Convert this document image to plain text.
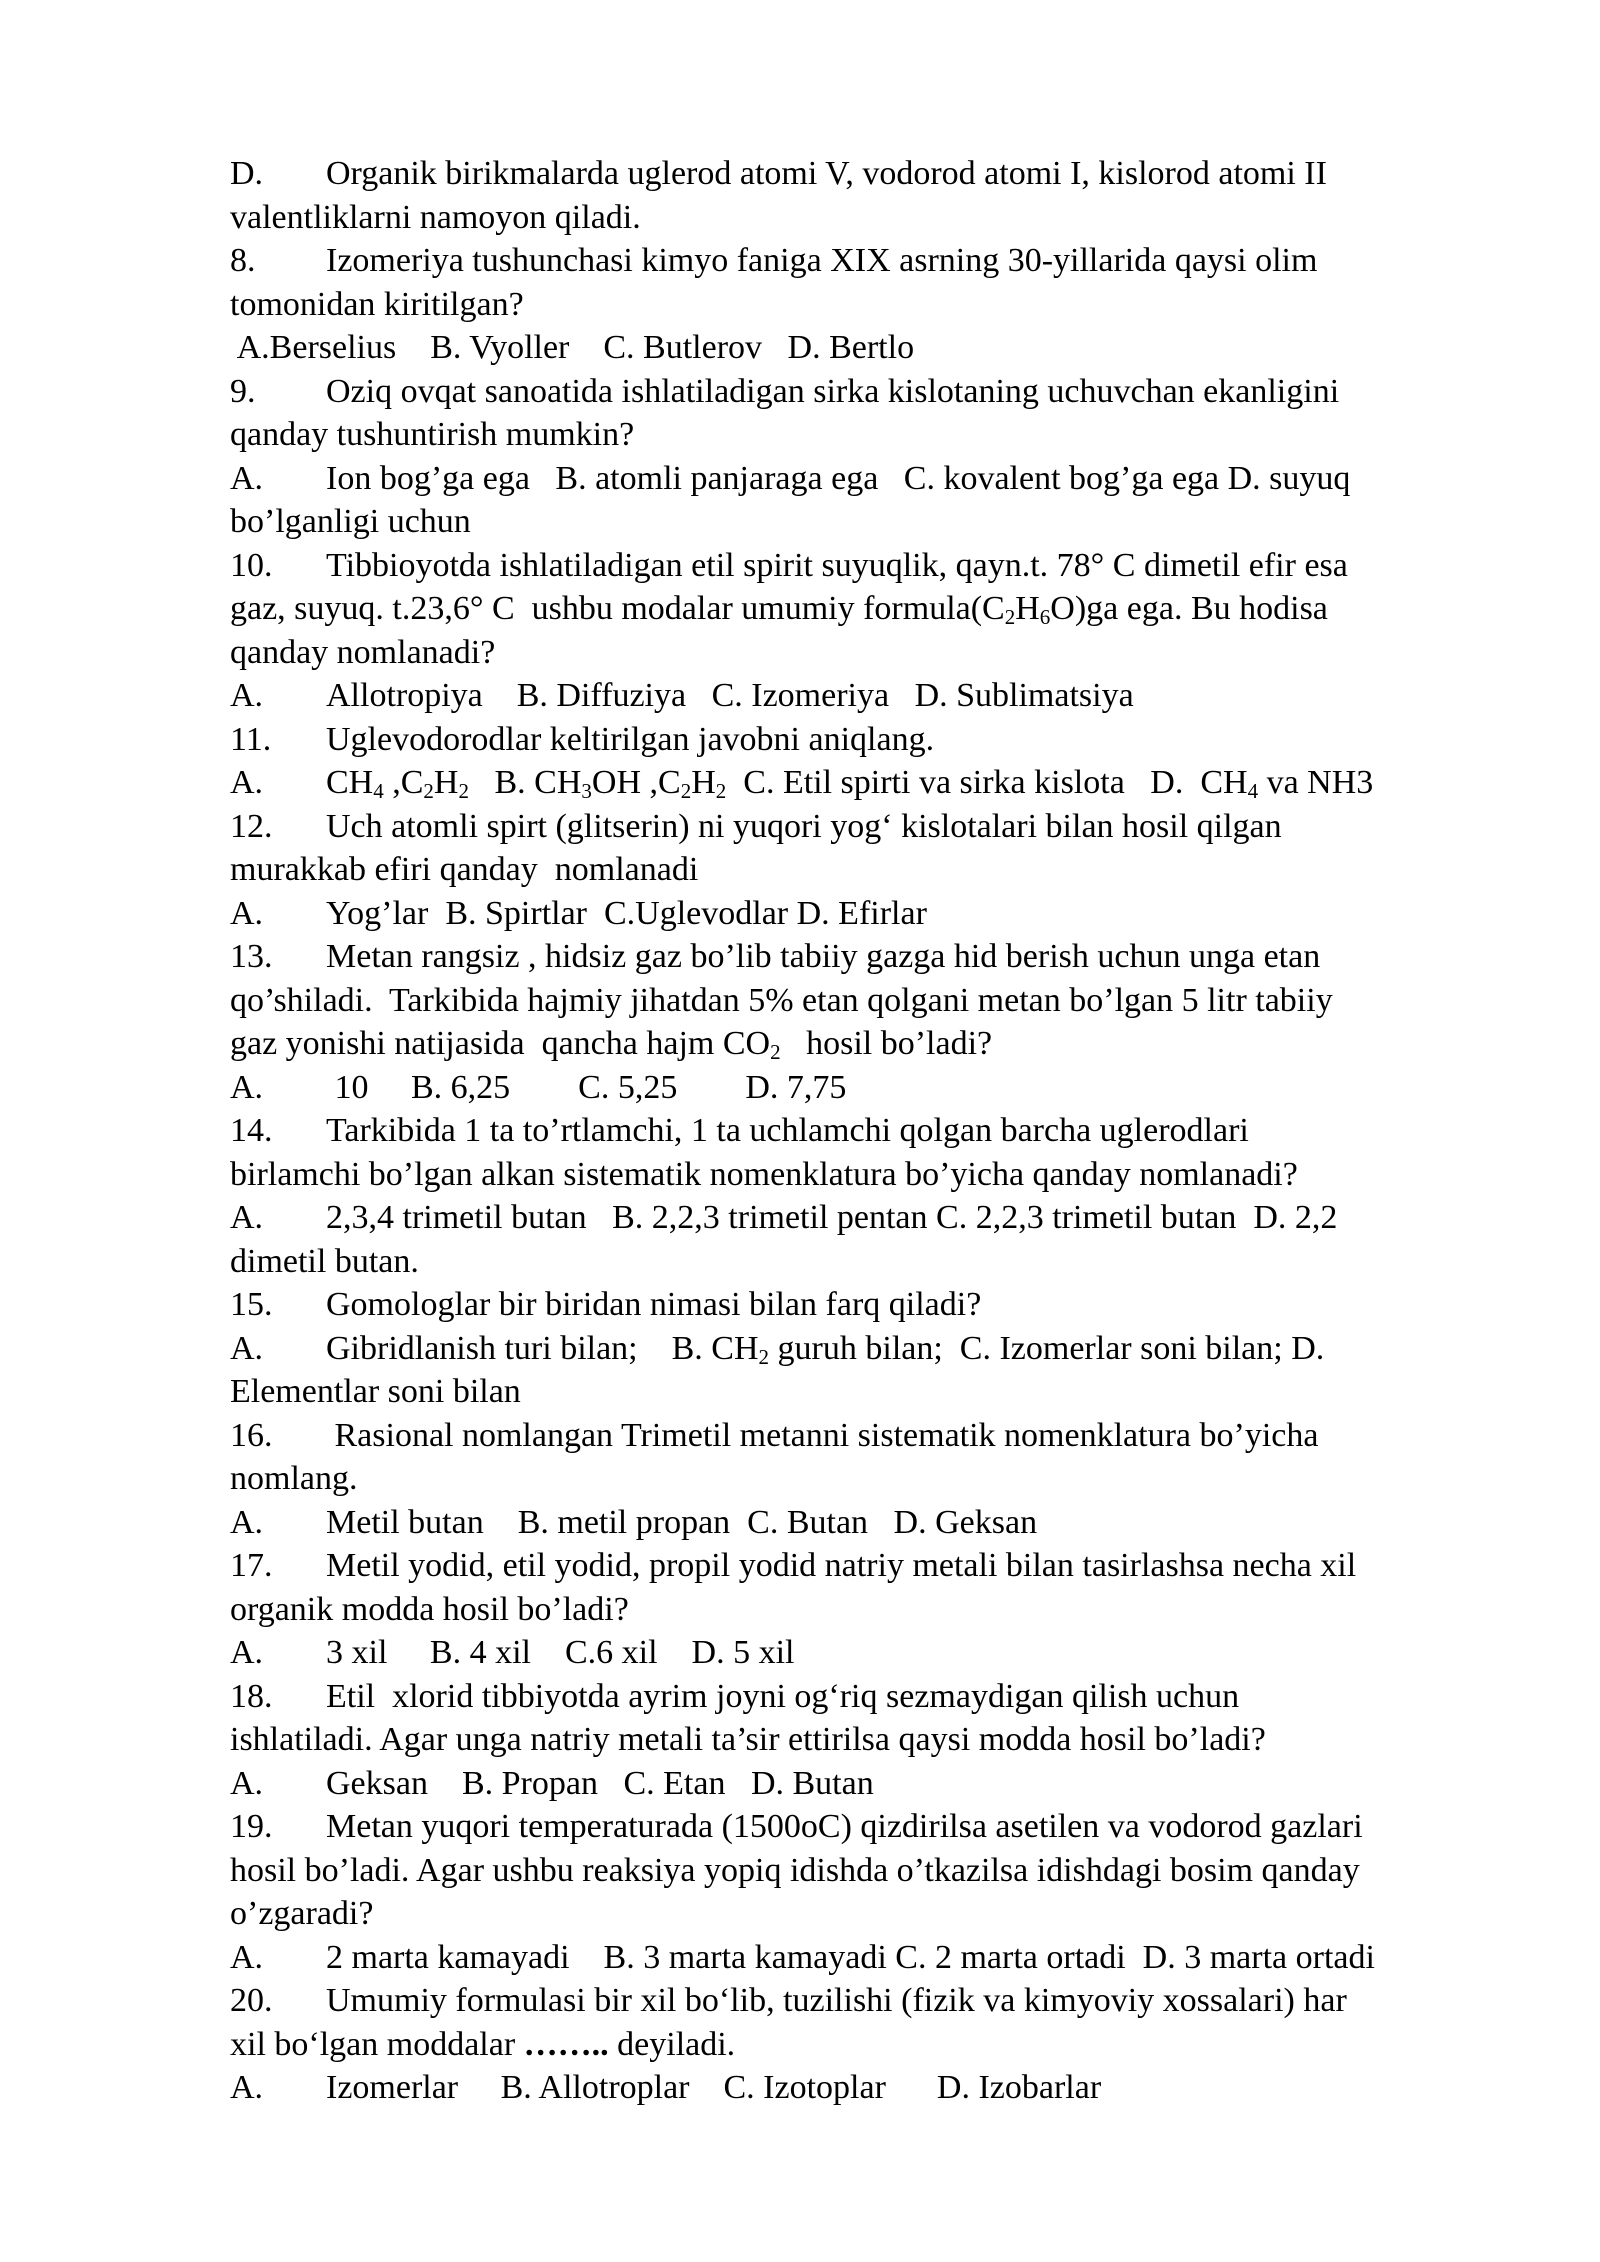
D. Organik birikmalarda uglerod atomi V, vodorod atomi I, kislorod atomi II
valentliklarni namoyon qiladi.
8. Izomeriya tushunchasi kimyo faniga XIX asrning 30-yillarida qaysi olim
tomonidan kiritilgan?
A.Berselius    B. Vyoller    C. Butlerov   D. Bertlo
9. Oziq ovqat sanoatida ishlatiladigan sirka kislotaning uchuvchan ekanligini
qanday tushuntirish mumkin?
A. Ion bog’ga ega   B. atomli panjaraga ega   C. kovalent bog’ga ega D. suyuq
bo’lganligi uchun
10. Tibbioyotda ishlatiladigan etil spirit suyuqlik, qayn.t. 78° C dimetil efir esa
gaz, suyuq. t.23,6° C  ushbu modalar umumiy $formula(C_2H_6O)ga$ ega. Bu hodisa
qanday nomlanadi?
A. Allotropiya    B. Diffuziya   C. Izomeriya   D. Sublimatsiya
11. Uglevodorodlar keltirilgan javobni aniqlang.
A. $CH_4$ $,C_2H_2$   B. $CH_3OH$ $,C_2H_2$  C. Etil spirti va sirka kislota   D.  $CH_4$ va NH3
12. Uch atomli spirt (glitserin) ni yuqori yog‘ kislotalari bilan hosil qilgan
murakkab efiri qanday  nomlanadi
A. Yog’lar  B. Spirtlar  C.Uglevodlar D. Efirlar
13. Metan rangsiz , hidsiz gaz bo’lib tabiiy gazga hid berish uchun unga etan
qo’shiladi.  Tarkibida hajmiy jihatdan 5% etan qolgani metan bo’lgan 5 litr tabiiy
gaz yonishi natijasida  qancha hajm $CO_2$   hosil bo’ladi?
A. 10     B. 6,25        C. 5,25        D. 7,75
14. Tarkibida 1 ta to’rtlamchi, 1 ta uchlamchi qolgan barcha uglerodlari
birlamchi bo’lgan alkan sistematik nomenklatura bo’yicha qanday nomlanadi?
A. 2,3,4 trimetil butan   B. 2,2,3 trimetil pentan C. 2,2,3 trimetil butan  D. 2,2
dimetil butan.
15. Gomologlar bir biridan nimasi bilan farq qiladi?
A. Gibridlanish turi bilan;    B. $CH_2$ guruh bilan;  C. Izomerlar soni bilan; D.
Elementlar soni bilan
16. Rasional nomlangan Trimetil metanni sistematik nomenklatura bo’yicha
nomlang.
A. Metil butan    B. metil propan  C. Butan   D. Geksan
17. Metil yodid, etil yodid, propil yodid natriy metali bilan tasirlashsa necha xil
organik modda hosil bo’ladi?
A. 3 xil     B. 4 xil    C.6 xil    D. 5 xil
18. Etil  xlorid tibbiyotda ayrim joyni og‘riq sezmaydigan qilish uchun
ishlatiladi. Agar unga natriy metali ta’sir ettirilsa qaysi modda hosil bo’ladi?
A. Geksan    B. Propan   C. Etan   D. Butan
19. Metan yuqori temperaturada (1500oC) qizdirilsa asetilen va vodorod gazlari
hosil bo’ladi. Agar ushbu reaksiya yopiq idishda o’tkazilsa idishdagi bosim qanday
o’zgaradi?
A. 2 marta kamayadi    B. 3 marta kamayadi C. 2 marta ortadi  D. 3 marta ortadi
20. Umumiy formulasi bir xil bo‘lib, tuzilishi (fizik va kimyoviy xossalari) har
xil bo‘lgan moddalar …….. deyiladi.
A. Izomerlar     B. Allotroplar    C. Izotoplar      D. Izobarlar
